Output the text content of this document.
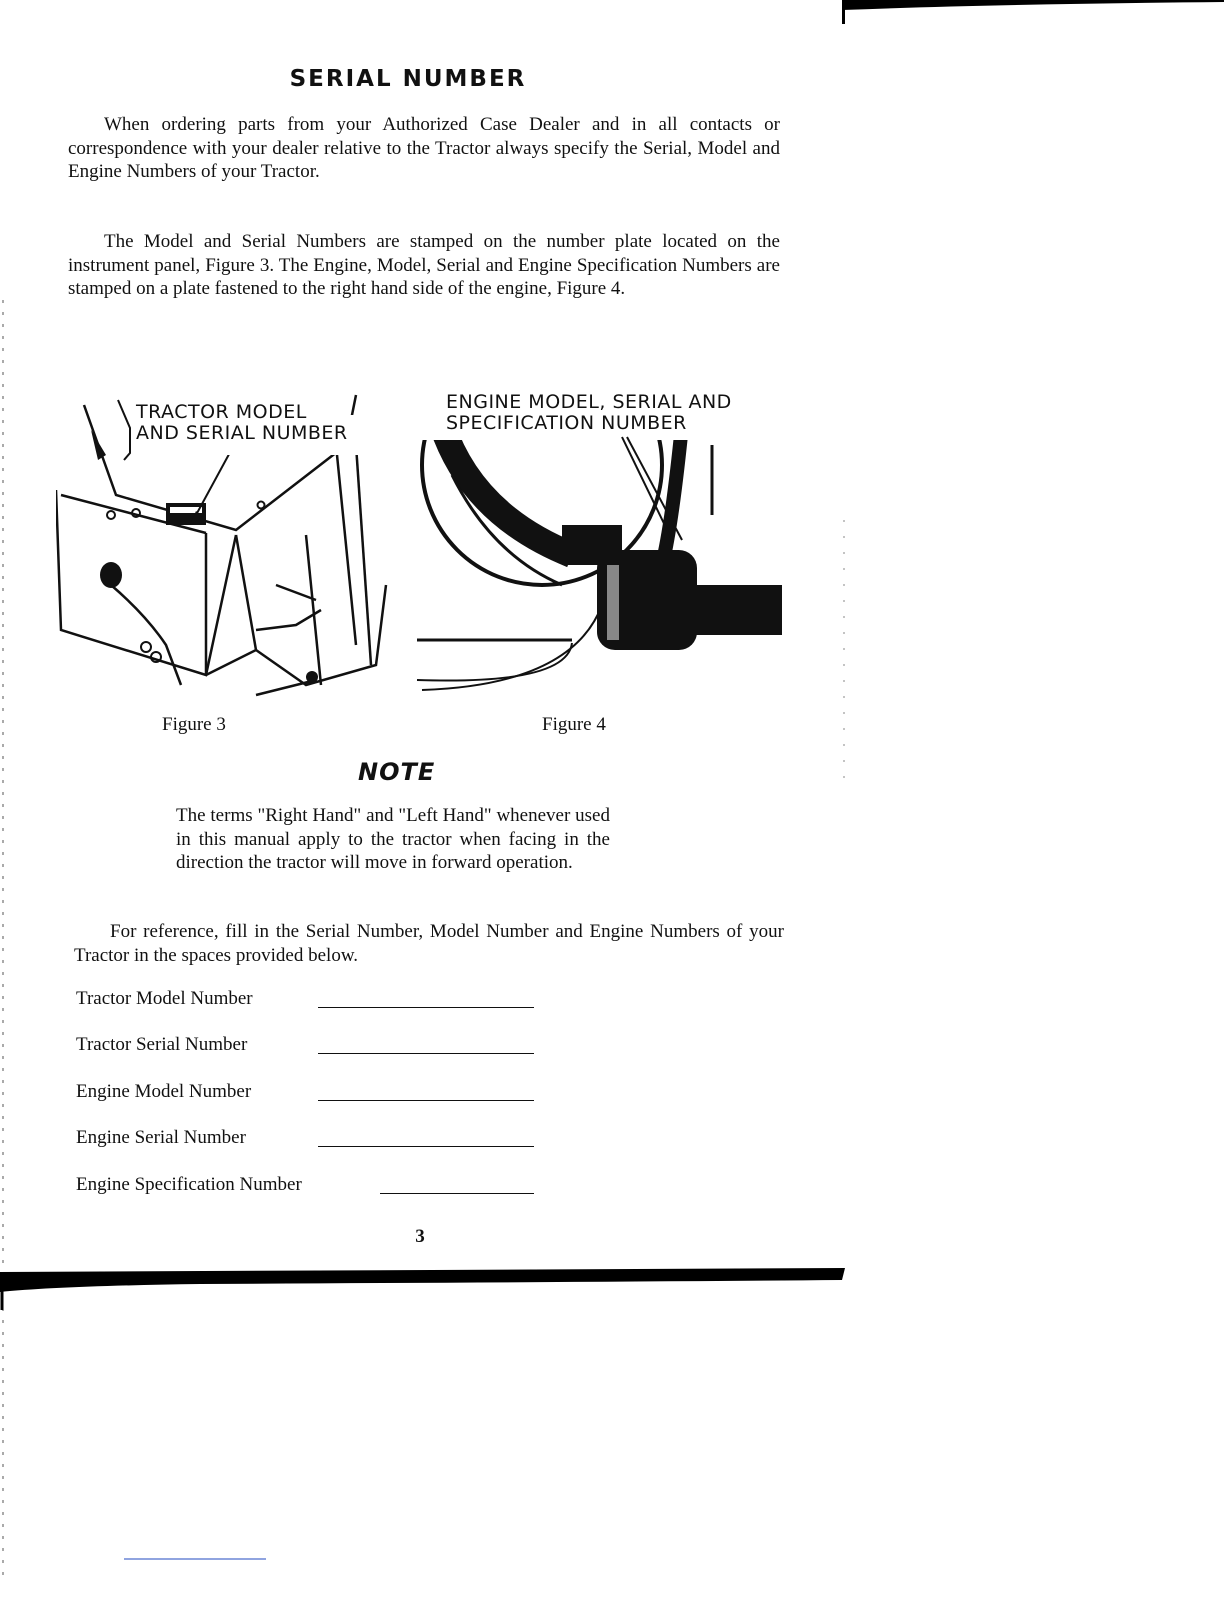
SERIAL NUMBER
When ordering parts from your Authorized Case Dealer and in all contacts or correspondence with your dealer relative to the Tractor always specify the Serial, Model and Engine Numbers of your Tractor.
The Model and Serial Numbers are stamped on the number plate located on the instrument panel, Figure 3. The Engine, Model, Serial and Engine Specification Numbers are stamped on a plate fastened to the right hand side of the engine, Figure 4.
TRACTOR MODEL
AND SERIAL NUMBER
ENGINE MODEL, SERIAL AND
SPECIFICATION NUMBER
Figure 3	Figure 4
NOTE
The terms "Right Hand" and "Left Hand" whenever used in this manual apply to the tractor when facing in the direction the tractor will move in forward operation.
For reference, fill in the Serial Number, Model Number and Engine Numbers of your Tractor in the spaces provided below.
Tractor Model Number
Tractor Serial Number
Engine Model Number
Engine Serial Number
Engine Specification Number
3
